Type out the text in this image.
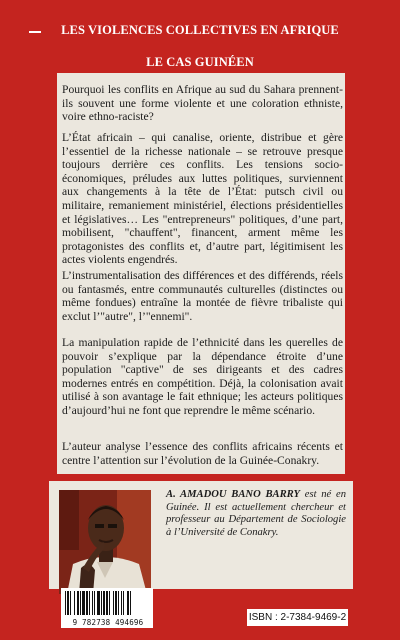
LES VIOLENCES COLLECTIVES EN AFRIQUE
LE CAS GUINÉEN

Pourquoi les conflits en Afrique au sud du Sahara prennent-ils souvent une forme violente et une coloration ethniste, voire ethno-raciste?

L’État africain – qui canalise, oriente, distribue et gère l’essentiel de la richesse nationale – se retrouve presque toujours derrière ces conflits. Les tensions socio-économiques, préludes aux luttes politiques, surviennent aux changements à la tête de l’État: putsch civil ou militaire, remaniement ministériel, élections présidentielles et législatives… Les "entrepreneurs" politiques, d’une part, mobilisent, "chauffent", financent, arment même les protagonistes des conflits et, d’autre part, légitimisent les actes violents engendrés.

L’instrumentalisation des différences et des différends, réels ou fantasmés, entre communautés culturelles (distinctes ou même fondues) entraîne la montée de fièvre tribaliste qui exclut l’"autre", l’"ennemi".

La manipulation rapide de l’ethnicité dans les querelles de pouvoir s’explique par la dépendance étroite d’une population "captive" de ses dirigeants et des cadres modernes entrés en compétition. Déjà, la colonisation avait utilisé à son avantage le fait ethnique; les acteurs politiques d’aujourd’hui ne font que reprendre le même scénario.

L’auteur analyse l’essence des conflits africains récents et centre l’attention sur l’évolution de la Guinée-Conakry.

A. AMADOU BANO BARRY est né en Guinée. Il est actuellement chercheur et professeur au Département de Sociologie à l’Université de Conakry.
9 782738 494696	ISBN : 2-7384-9469-2
